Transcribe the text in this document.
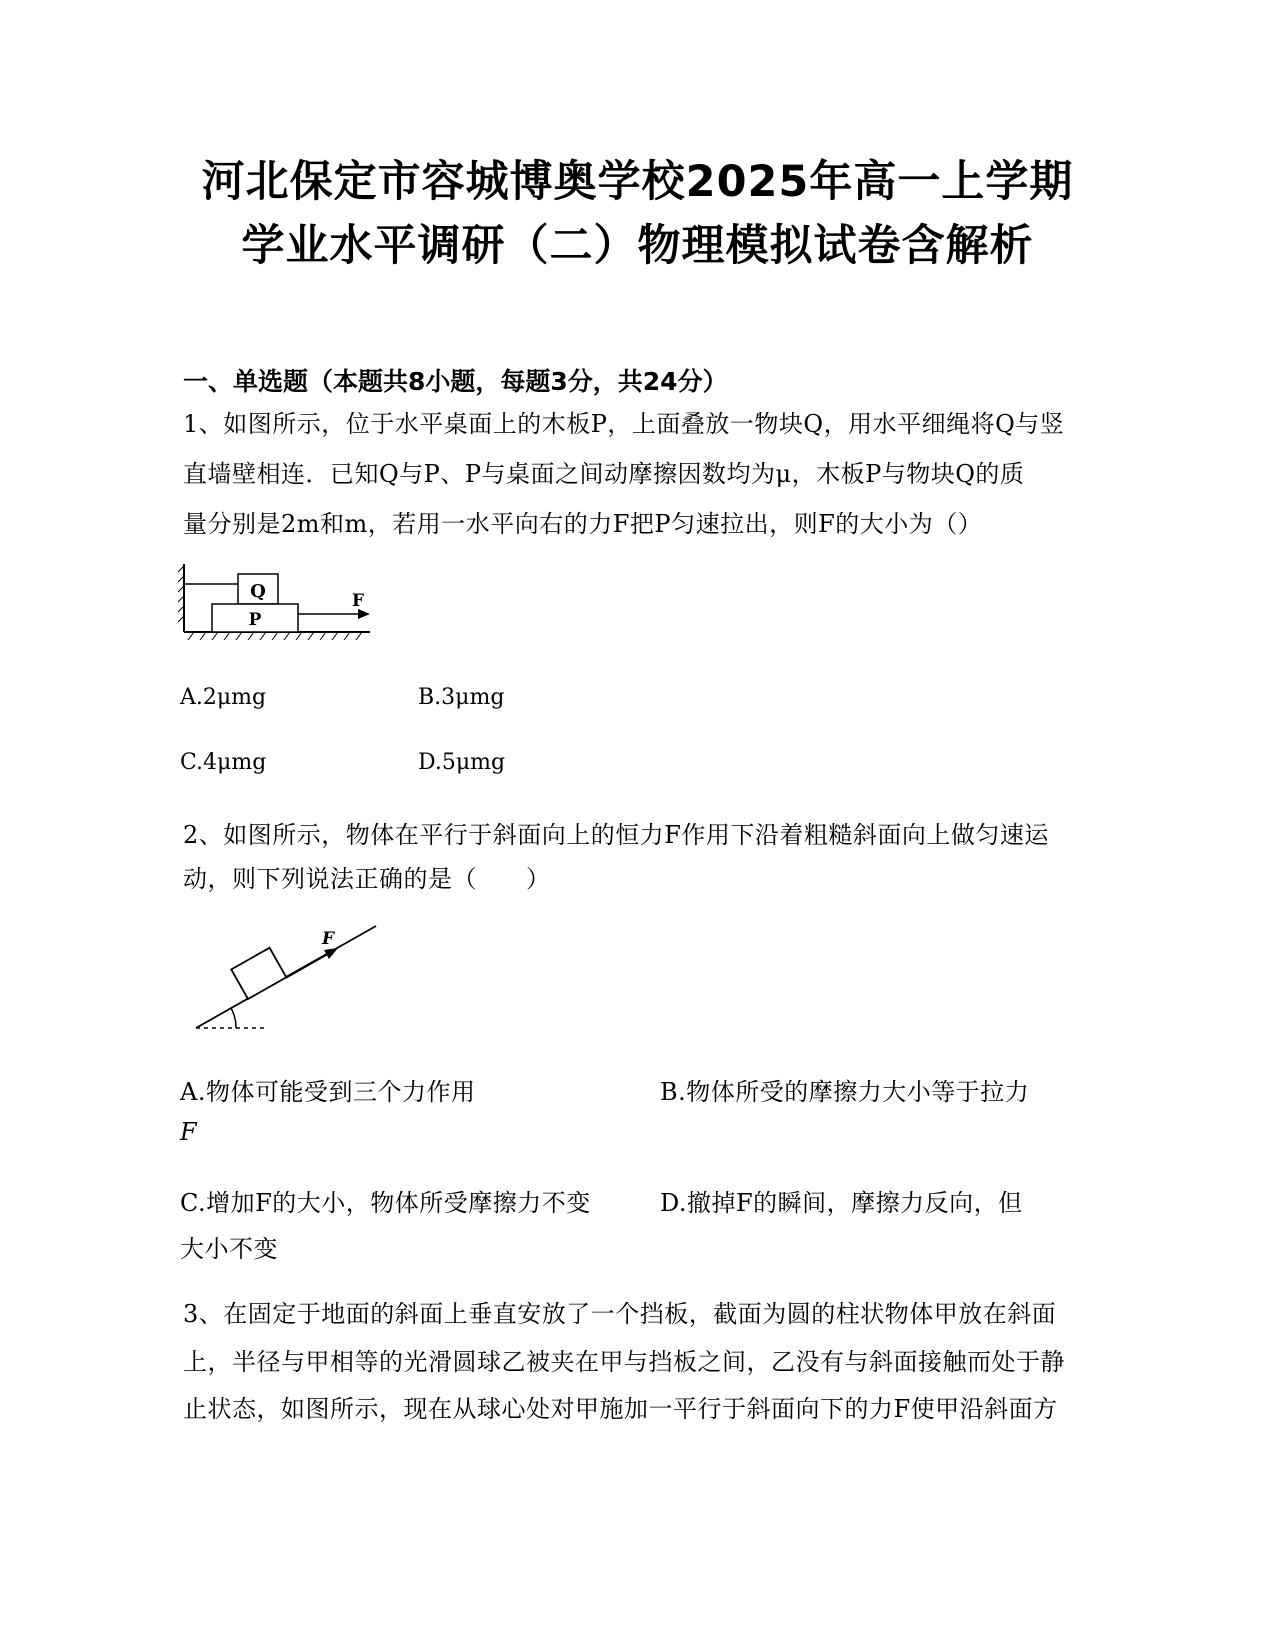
河北保定市容城博奥学校2025年高一上学期
学业水平调研（二）物理模拟试卷含解析
一、单选题（本题共8小题，每题3分，共24分）
1、如图所示，位于水平桌面上的木板P，上面叠放一物块Q，用水平细绳将Q与竖
直墙壁相连．已知Q与P、P与桌面之间动摩擦因数均为μ，木板P与物块Q的质
量分别是2m和m，若用一水平向右的力F把P匀速拉出，则F的大小为（）
Q
P
F
A.2μmg	B.3μmg
C.4μmg	D.5μmg
2、如图所示，物体在平行于斜面向上的恒力F作用下沿着粗糙斜面向上做匀速运
动，则下列说法正确的是（　　）
F
A.物体可能受到三个力作用	B.物体所受的摩擦力大小等于拉力
F
C.增加F的大小，物体所受摩擦力不变	D.撤掉F的瞬间，摩擦力反向，但
大小不变
3、在固定于地面的斜面上垂直安放了一个挡板，截面为圆的柱状物体甲放在斜面
上，半径与甲相等的光滑圆球乙被夹在甲与挡板之间，乙没有与斜面接触而处于静
止状态，如图所示，现在从球心处对甲施加一平行于斜面向下的力F使甲沿斜面方
